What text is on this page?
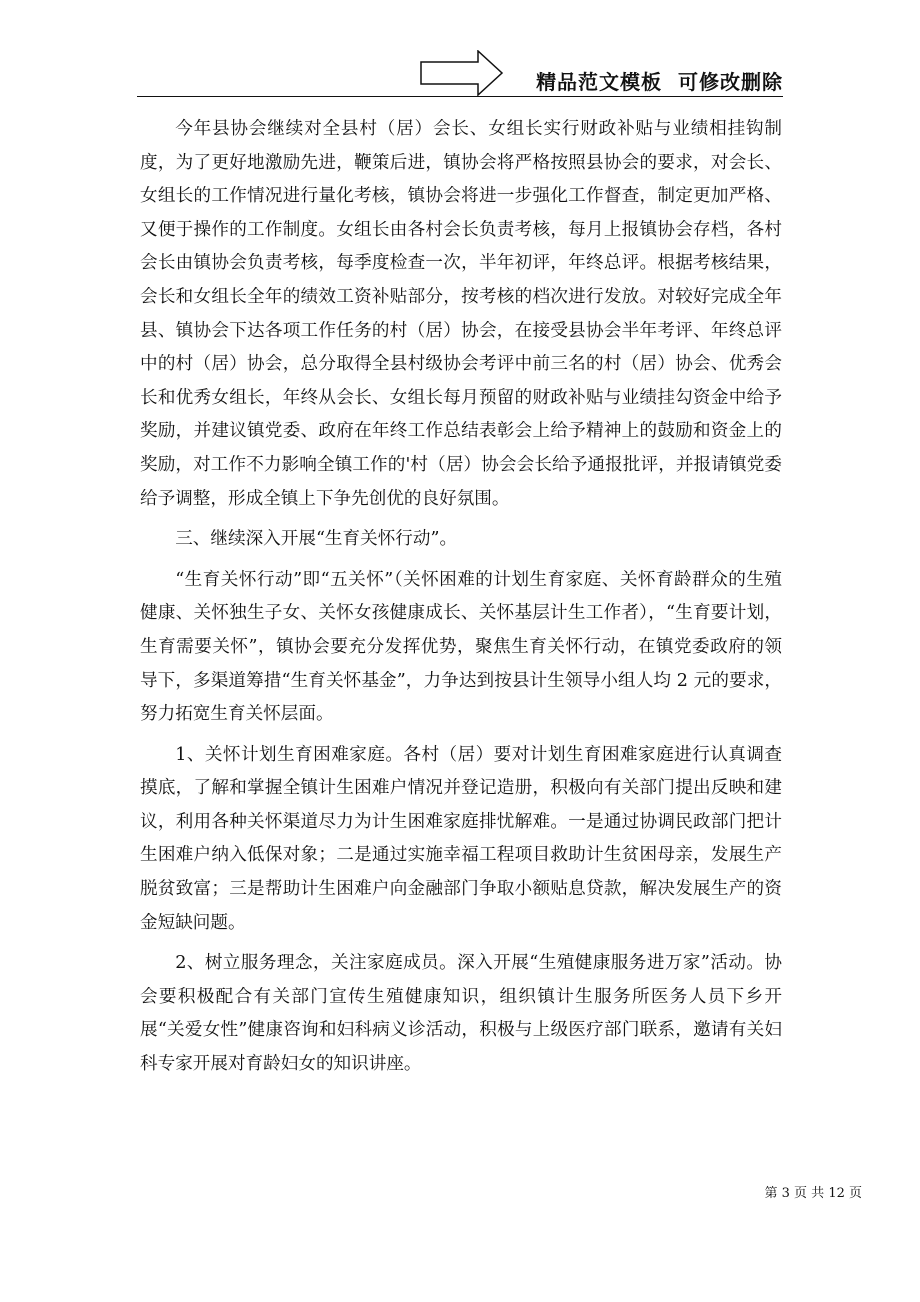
精品范文模板  可修改删除

今年县协会继续对全县村（居）会长、女组长实行财政补贴与业绩相挂钩制度，为了更好地激励先进，鞭策后进，镇协会将严格按照县协会的要求，对会长、女组长的工作情况进行量化考核，镇协会将进一步强化工作督查，制定更加严格、又便于操作的工作制度。女组长由各村会长负责考核，每月上报镇协会存档，各村会长由镇协会负责考核，每季度检查一次，半年初评，年终总评。根据考核结果，会长和女组长全年的绩效工资补贴部分，按考核的档次进行发放。对较好完成全年县、镇协会下达各项工作任务的村（居）协会，在接受县协会半年考评、年终总评中的村（居）协会，总分取得全县村级协会考评中前三名的村（居）协会、优秀会长和优秀女组长，年终从会长、女组长每月预留的财政补贴与业绩挂勾资金中给予奖励，并建议镇党委、政府在年终工作总结表彰会上给予精神上的鼓励和资金上的奖励，对工作不力影响全镇工作的'村（居）协会会长给予通报批评，并报请镇党委给予调整，形成全镇上下争先创优的良好氛围。

三、继续深入开展“生育关怀行动”。

“生育关怀行动”即“五关怀”（关怀困难的计划生育家庭、关怀育龄群众的生殖健康、关怀独生子女、关怀女孩健康成长、关怀基层计生工作者），“生育要计划，生育需要关怀”，镇协会要充分发挥优势，聚焦生育关怀行动，在镇党委政府的领导下，多渠道筹措“生育关怀基金”，力争达到按县计生领导小组人均 2 元的要求，努力拓宽生育关怀层面。

1、关怀计划生育困难家庭。各村（居）要对计划生育困难家庭进行认真调查摸底，了解和掌握全镇计生困难户情况并登记造册，积极向有关部门提出反映和建议，利用各种关怀渠道尽力为计生困难家庭排忧解难。一是通过协调民政部门把计生困难户纳入低保对象；二是通过实施幸福工程项目救助计生贫困母亲，发展生产脱贫致富；三是帮助计生困难户向金融部门争取小额贴息贷款，解决发展生产的资金短缺问题。

2、树立服务理念，关注家庭成员。深入开展“生殖健康服务进万家”活动。协会要积极配合有关部门宣传生殖健康知识，组织镇计生服务所医务人员下乡开展“关爱女性”健康咨询和妇科病义诊活动，积极与上级医疗部门联系，邀请有关妇科专家开展对育龄妇女的知识讲座。

第 3 页 共 12 页
